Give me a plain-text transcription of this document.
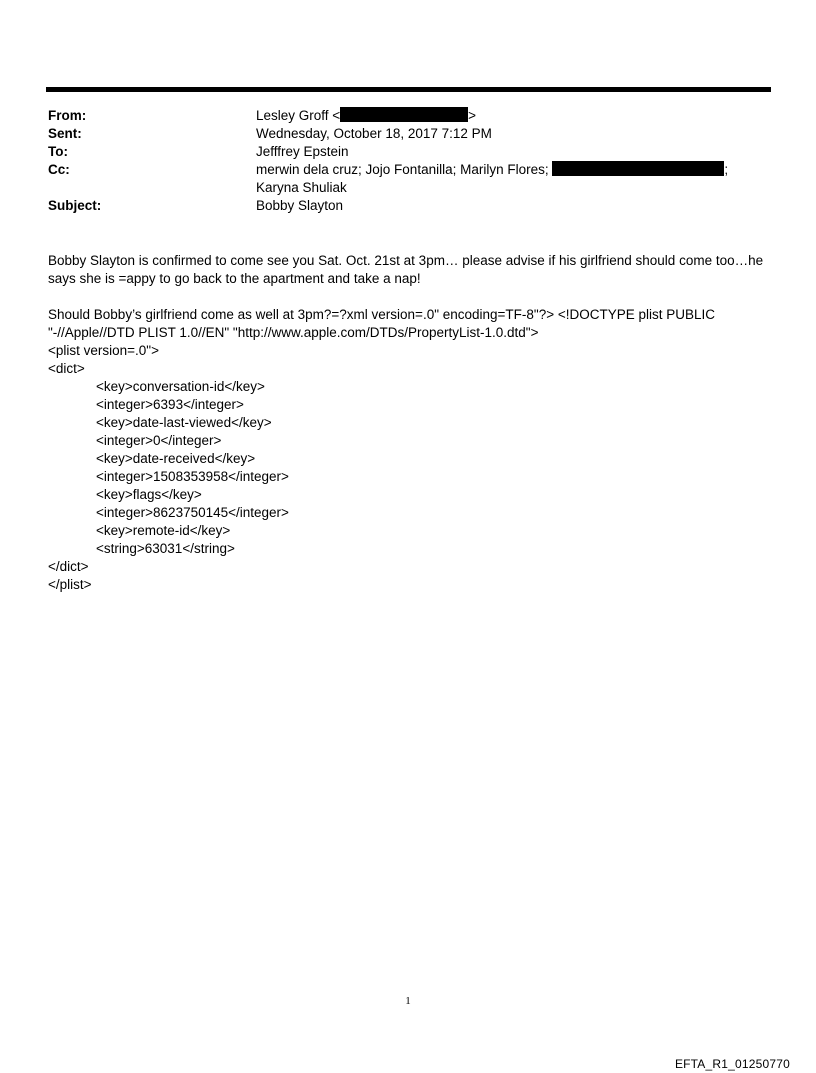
From:	Lesley Groff <	>
Sent:	Wednesday, October 18, 2017 7:12 PM
To:	Jefffrey Epstein
Cc:	merwin dela cruz; Jojo Fontanilla; Marilyn Flores;	; Karyna Shuliak
Subject:	Bobby Slayton

Bobby Slayton is confirmed to come see you Sat. Oct. 21st at 3pm… please advise if his girlfriend should come too…he says she is =appy to go back to the apartment and take a nap!

Should Bobby’s girlfriend come as well at 3pm?=?xml version=.0" encoding=TF-8"?> <!DOCTYPE plist PUBLIC "-//Apple//DTD PLIST 1.0//EN" "http://www.apple.com/DTDs/PropertyList-1.0.dtd">

<plist version=.0">
<dict>
<key>conversation-id</key>
<integer>6393</integer>
<key>date-last-viewed</key>
<integer>0</integer>
<key>date-received</key>
<integer>1508353958</integer>
<key>flags</key>
<integer>8623750145</integer>
<key>remote-id</key>
<string>63031</string>
</dict>
</plist>
1
EFTA_R1_01250770
